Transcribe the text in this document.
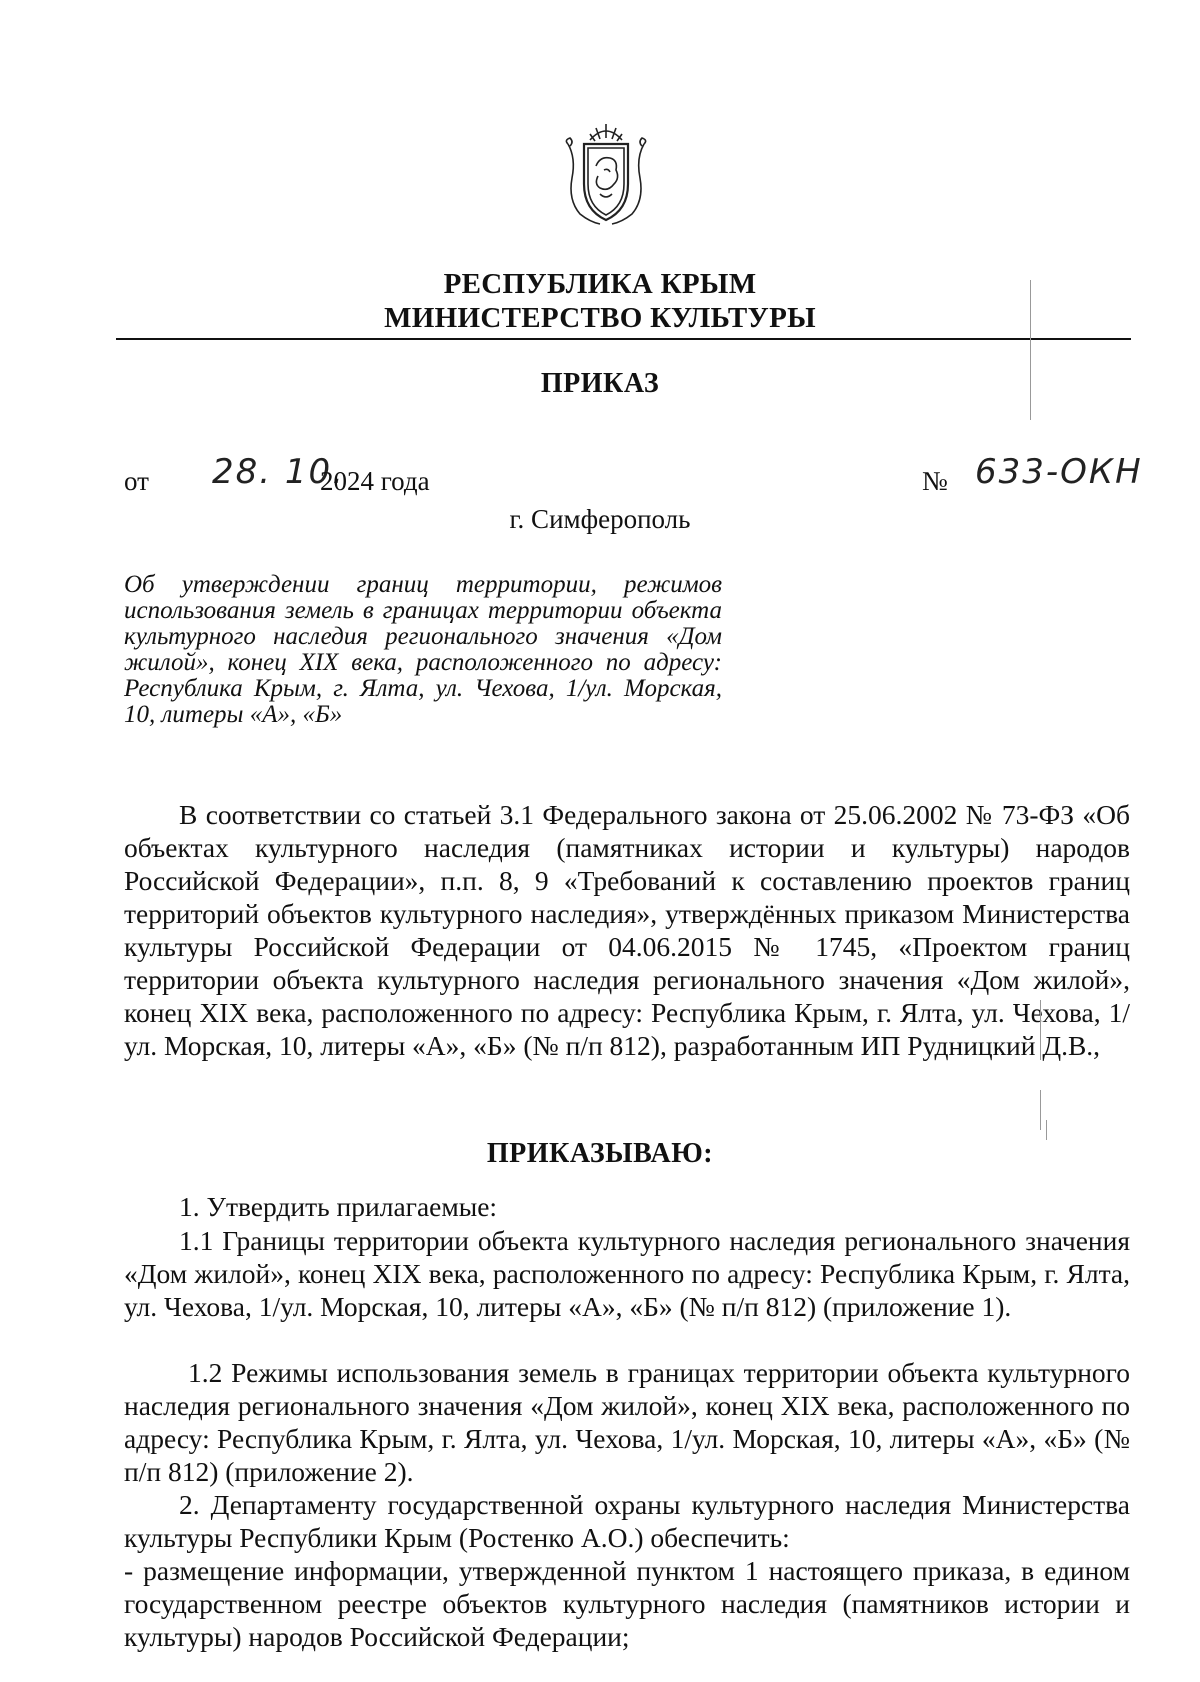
РЕСПУБЛИКА КРЫМ
МИНИСТЕРСТВО КУЛЬТУРЫ
ПРИКАЗ
от 28. 10.
2024 года	№ 633-ОКН
г. Симферополь
Об утверждении границ территории, режимов использования земель в границах территории объекта культурного наследия регионального значения «Дом жилой», конец XIX века, расположенного по адресу: Республика Крым, г. Ялта, ул. Чехова, 1/ул. Морская, 10, литеры «А», «Б»
В соответствии со статьей 3.1 Федерального закона от 25.06.2002 № 73-ФЗ «Об объектах культурного наследия (памятниках истории и культуры) народов Российской Федерации», п.п. 8, 9 «Требований к составлению проектов границ территорий объектов культурного наследия», утверждённых приказом Министерства культуры Российской Федерации от 04.06.2015 № 1745, «Проектом границ территории объекта культурного наследия регионального значения «Дом жилой», конец XIX века, расположенного по адресу: Республика Крым, г. Ялта, ул. Чехова, 1/ул. Морская, 10, литеры «А», «Б» (№ п/п 812), разработанным ИП Рудницкий Д.В.,
ПРИКАЗЫВАЮ:
1. Утвердить прилагаемые:
1.1 Границы территории объекта культурного наследия регионального значения «Дом жилой», конец XIX века, расположенного по адресу: Республика Крым, г. Ялта, ул. Чехова, 1/ул. Морская, 10, литеры «А», «Б» (№ п/п 812) (приложение 1).
1.2 Режимы использования земель в границах территории объекта культурного наследия регионального значения «Дом жилой», конец XIX века, расположенного по адресу: Республика Крым, г. Ялта, ул. Чехова, 1/ул. Морская, 10, литеры «А», «Б» (№ п/п 812) (приложение 2).
2. Департаменту государственной охраны культурного наследия Министерства культуры Республики Крым (Ростенко А.О.) обеспечить:
- размещение информации, утвержденной пунктом 1 настоящего приказа, в едином государственном реестре объектов культурного наследия (памятников истории и культуры) народов Российской Федерации;
